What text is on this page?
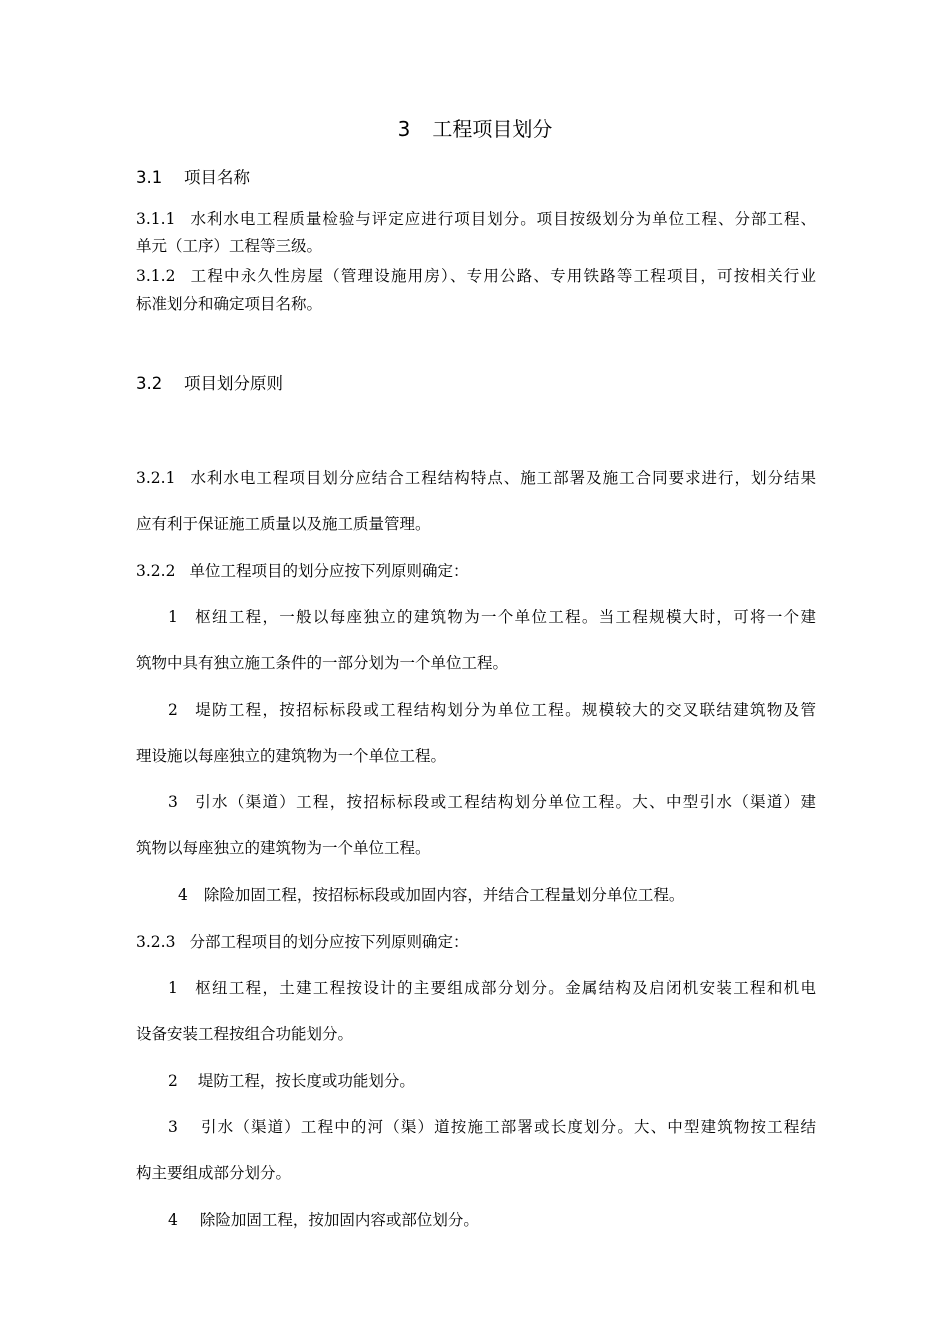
3 工程项目划分
3.1 项目名称
3.1.1 水利水电工程质量检验与评定应进行项目划分。项目按级划分为单位工程、分部工程、
单元（工序）工程等三级。
3.1.2 工程中永久性房屋（管理设施用房）、专用公路、专用铁路等工程项目，可按相关行业
标准划分和确定项目名称。
3.2 项目划分原则
3.2.1 水利水电工程项目划分应结合工程结构特点、施工部署及施工合同要求进行，划分结果
应有利于保证施工质量以及施工质量管理。
3.2.2 单位工程项目的划分应按下列原则确定：
1 枢纽工程，一般以每座独立的建筑物为一个单位工程。当工程规模大时，可将一个建
筑物中具有独立施工条件的一部分划为一个单位工程。
2 堤防工程，按招标标段或工程结构划分为单位工程。规模较大的交叉联结建筑物及管
理设施以每座独立的建筑物为一个单位工程。
3 引水（渠道）工程，按招标标段或工程结构划分单位工程。大、中型引水（渠道）建
筑物以每座独立的建筑物为一个单位工程。
4 除险加固工程，按招标标段或加固内容，并结合工程量划分单位工程。
3.2.3 分部工程项目的划分应按下列原则确定：
1 枢纽工程，土建工程按设计的主要组成部分划分。金属结构及启闭机安装工程和机电
设备安装工程按组合功能划分。
2 堤防工程，按长度或功能划分。
3 引水（渠道）工程中的河（渠）道按施工部署或长度划分。大、中型建筑物按工程结
构主要组成部分划分。
4 除险加固工程，按加固内容或部位划分。
